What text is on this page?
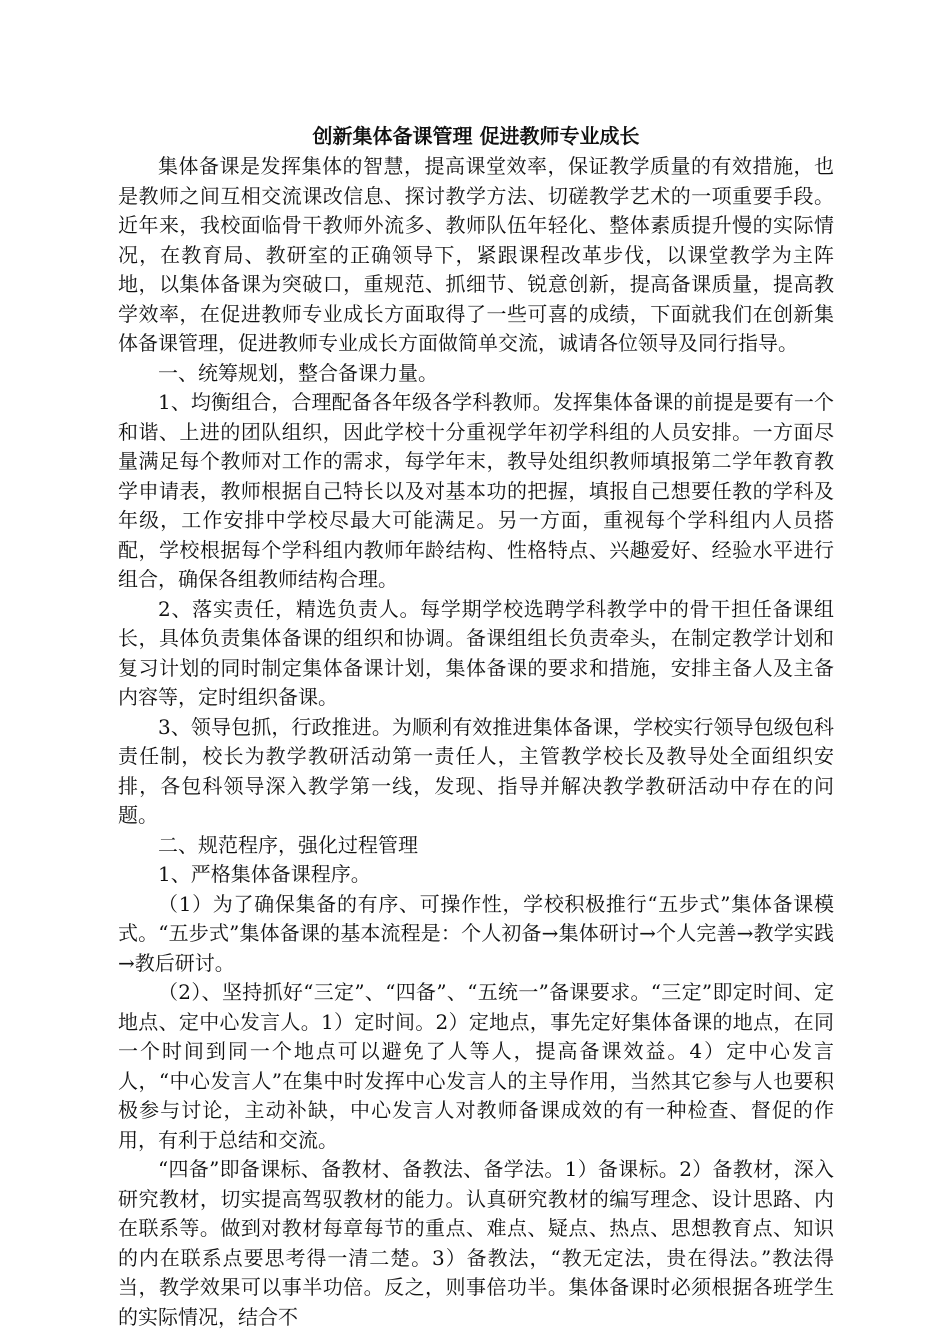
创新集体备课管理 促进教师专业成长

集体备课是发挥集体的智慧，提高课堂效率，保证教学质量的有效措施，也是教师之间互相交流课改信息、探讨教学方法、切磋教学艺术的一项重要手段。近年来，我校面临骨干教师外流多、教师队伍年轻化、整体素质提升慢的实际情况，在教育局、教研室的正确领导下，紧跟课程改革步伐，以课堂教学为主阵地，以集体备课为突破口，重规范、抓细节、锐意创新，提高备课质量，提高教学效率，在促进教师专业成长方面取得了一些可喜的成绩，下面就我们在创新集体备课管理，促进教师专业成长方面做简单交流，诚请各位领导及同行指导。

一、统筹规划，整合备课力量。

1、均衡组合，合理配备各年级各学科教师。发挥集体备课的前提是要有一个和谐、上进的团队组织，因此学校十分重视学年初学科组的人员安排。一方面尽量满足每个教师对工作的需求，每学年末，教导处组织教师填报第二学年教育教学申请表，教师根据自己特长以及对基本功的把握，填报自己想要任教的学科及年级，工作安排中学校尽最大可能满足。另一方面，重视每个学科组内人员搭配，学校根据每个学科组内教师年龄结构、性格特点、兴趣爱好、经验水平进行组合，确保各组教师结构合理。

2、落实责任，精选负责人。每学期学校选聘学科教学中的骨干担任备课组长，具体负责集体备课的组织和协调。备课组组长负责牵头，在制定教学计划和复习计划的同时制定集体备课计划，集体备课的要求和措施，安排主备人及主备内容等，定时组织备课。

3、领导包抓，行政推进。为顺利有效推进集体备课，学校实行领导包级包科责任制，校长为教学教研活动第一责任人，主管教学校长及教导处全面组织安排，各包科领导深入教学第一线，发现、指导并解决教学教研活动中存在的问题。

二、规范程序，强化过程管理

1、严格集体备课程序。

（1）为了确保集备的有序、可操作性，学校积极推行“五步式”集体备课模式。“五步式”集体备课的基本流程是：个人初备→集体研讨→个人完善→教学实践→教后研讨。

（2）、坚持抓好“三定”、“四备”、“五统一”备课要求。“三定”即定时间、定地点、定中心发言人。1）定时间。2）定地点，事先定好集体备课的地点，在同一个时间到同一个地点可以避免了人等人，提高备课效益。4）定中心发言人，“中心发言人”在集中时发挥中心发言人的主导作用，当然其它参与人也要积极参与讨论，主动补缺，中心发言人对教师备课成效的有一种检查、督促的作用，有利于总结和交流。

“四备”即备课标、备教材、备教法、备学法。1）备课标。2）备教材，深入研究教材，切实提高驾驭教材的能力。认真研究教材的编写理念、设计思路、内在联系等。做到对教材每章每节的重点、难点、疑点、热点、思想教育点、知识的内在联系点要思考得一清二楚。3）备教法，“教无定法，贵在得法。”教法得当，教学效果可以事半功倍。反之，则事倍功半。集体备课时必须根据各班学生的实际情况，结合不
